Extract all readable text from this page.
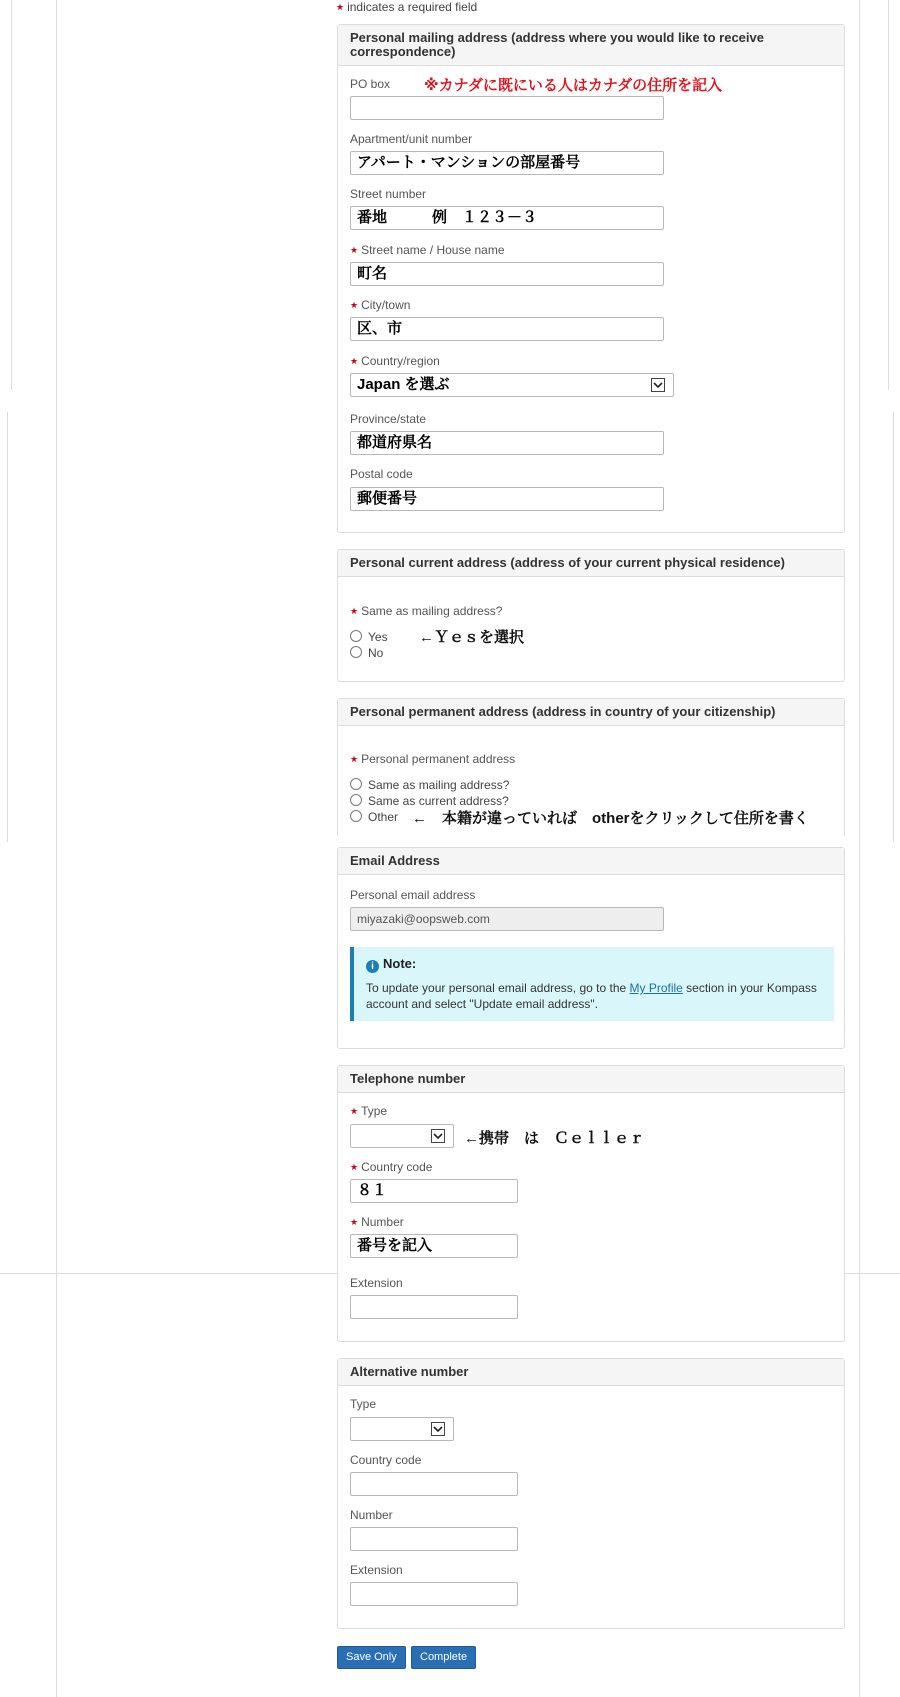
★ indicates a required field
Personal mailing address (address where you would like to receive correspondence)
PO box ※カナダに既にいる人はカナダの住所を記入
Apartment/unit number
アパート・マンションの部屋番号
Street number
番地　　　例　１２３－３
★ Street name / House name
町名
★ City/town
区、市
★ Country/region
Japan を選ぶ
Province/state
都道府県名
Postal code
郵便番号
Personal current address (address of your current physical residence)
★ Same as mailing address?
Yes ←Ｙｅｓを選択
No
Personal permanent address (address in country of your citizenship)
★ Personal permanent address
Same as mailing address?
Same as current address?
Other ←　本籍が違っていれば　otherをクリックして住所を書く
Email Address
Personal email address
miyazaki@oopsweb.com
i Note:
To update your personal email address, go to the My Profile section in your Kompass account and select "Update email address".
Telephone number
★ Type
←携帯　は　Ｃｅｌｌｅｒ
★ Country code
８１
★ Number
番号を記入
Extension
Alternative number
Type
Country code
Number
Extension
Save Only	Complete
